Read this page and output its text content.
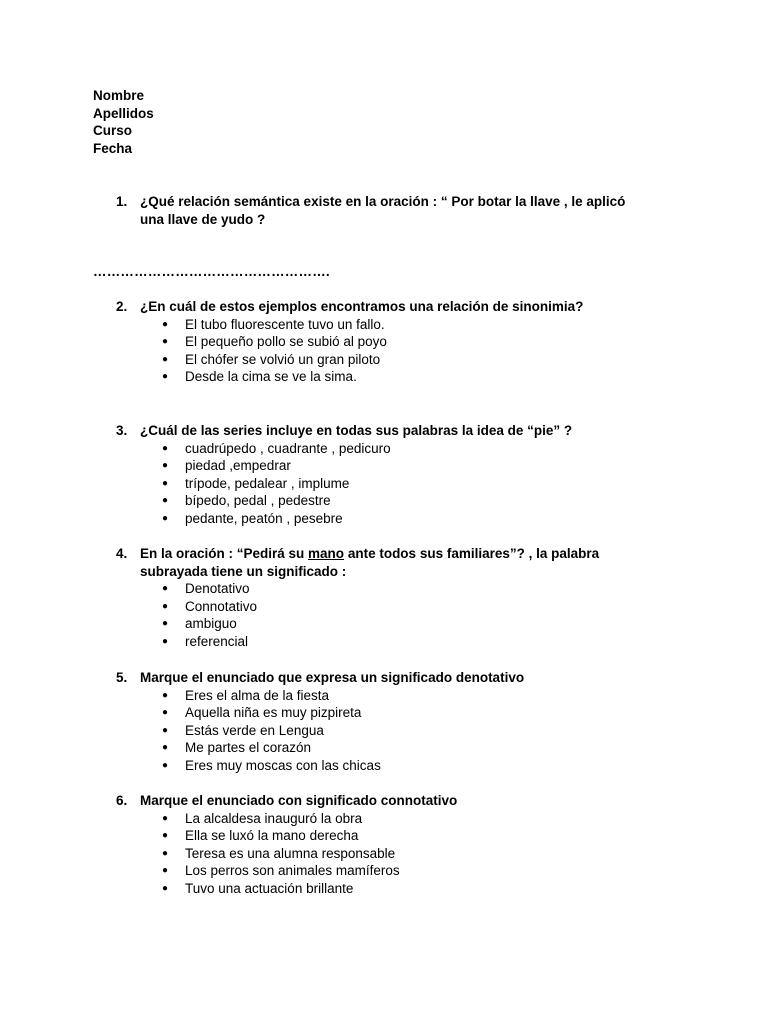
Nombre
Apellidos
Curso
Fecha
1. ¿Qué relación semántica existe en la oración : “ Por botar la llave , le aplicó
una llave de yudo ?
…………………………………………….
2. ¿En cuál de estos ejemplos encontramos una relación de sinonimia?
●	El tubo fluorescente tuvo un fallo.
●	El pequeño pollo se subió al poyo
●	El chófer se volvió un gran piloto
●	Desde la cima se ve la sima.
3. ¿Cuál de las series incluye en todas sus palabras la idea de “pie” ?
●	cuadrúpedo , cuadrante , pedicuro
●	piedad ,empedrar
●	trípode, pedalear , implume
●	bípedo, pedal , pedestre
●	pedante, peatón , pesebre
4. En la oración : “Pedirá su mano ante todos sus familiares”? , la palabra
subrayada tiene un significado :
●	Denotativo
●	Connotativo
●	ambiguo
●	referencial
5. Marque el enunciado que expresa un significado denotativo
●	Eres el alma de la fiesta
●	Aquella niña es muy pizpireta
●	Estás verde en Lengua
●	Me partes el corazón
●	Eres muy moscas con las chicas
6. Marque el enunciado con significado connotativo
●	La alcaldesa inauguró la obra
●	Ella se luxó la mano derecha
●	Teresa es una alumna responsable
●	Los perros son animales mamíferos
●	Tuvo una actuación brillante
